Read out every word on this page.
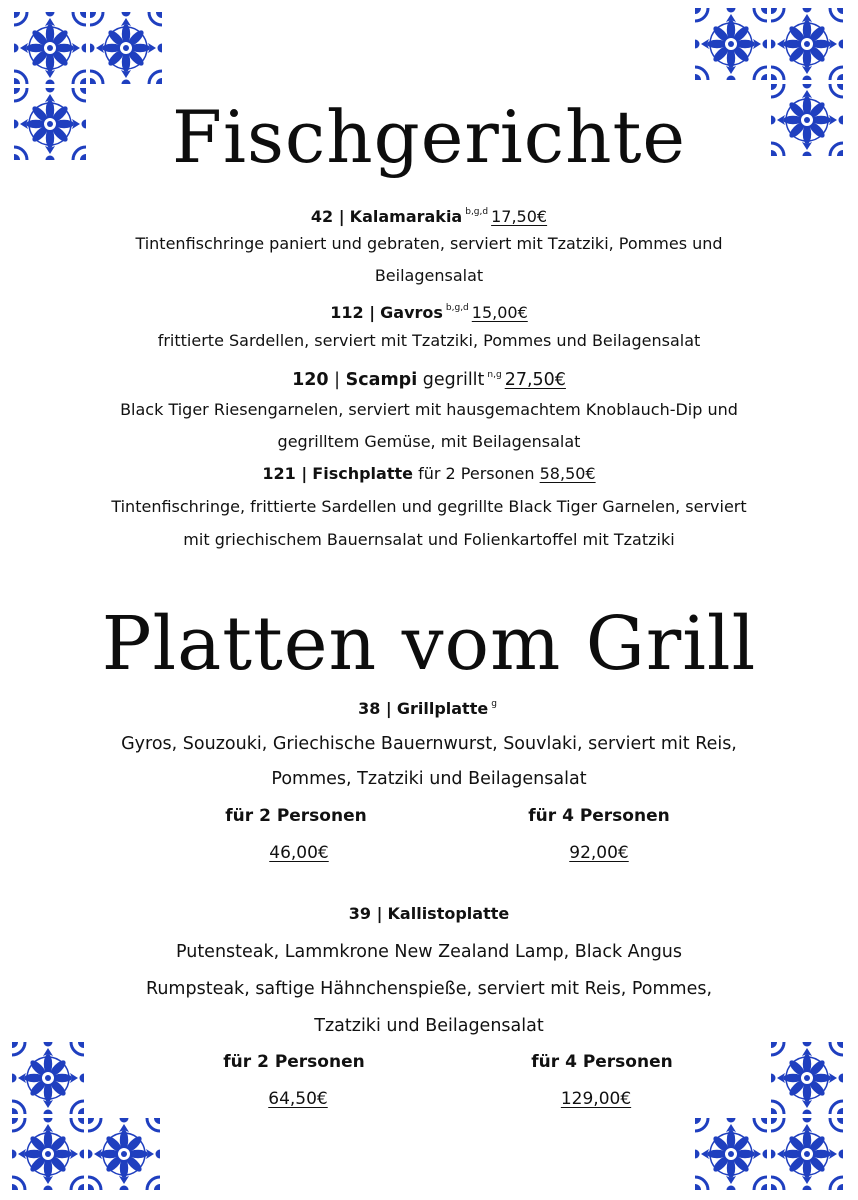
Fischgerichte
42 | Kalamarakia $^{b,g,d}$ 17,50€
Tintenfischringe paniert und gebraten, serviert mit Tzatziki, Pommes und
Beilagensalat
112 | Gavros $^{b,g,d}$ 15,00€
frittierte Sardellen, serviert mit Tzatziki, Pommes und Beilagensalat
120 | Scampi gegrillt $^{n,g}$ 27,50€
Black Tiger Riesengarnelen, serviert mit hausgemachtem Knoblauch-Dip und
gegrilltem Gemüse, mit Beilagensalat
121 | Fischplatte für 2 Personen 58,50€
Tintenfischringe, frittierte Sardellen und gegrillte Black Tiger Garnelen, serviert
mit griechischem Bauernsalat und Folienkartoffel mit Tzatziki
Platten vom Grill
38 | Grillplatte $^g$
Gyros, Souzouki, Griechische Bauernwurst, Souvlaki, serviert mit Reis,
Pommes, Tzatziki und Beilagensalat
für 2 Personen	für 4 Personen
46,00€	92,00€
39 | Kallistoplatte
Putensteak, Lammkrone New Zealand Lamp, Black Angus
Rumpsteak, saftige Hähnchenspieße, serviert mit Reis, Pommes,
Tzatziki und Beilagensalat
für 2 Personen	für 4 Personen
64,50€	129,00€
